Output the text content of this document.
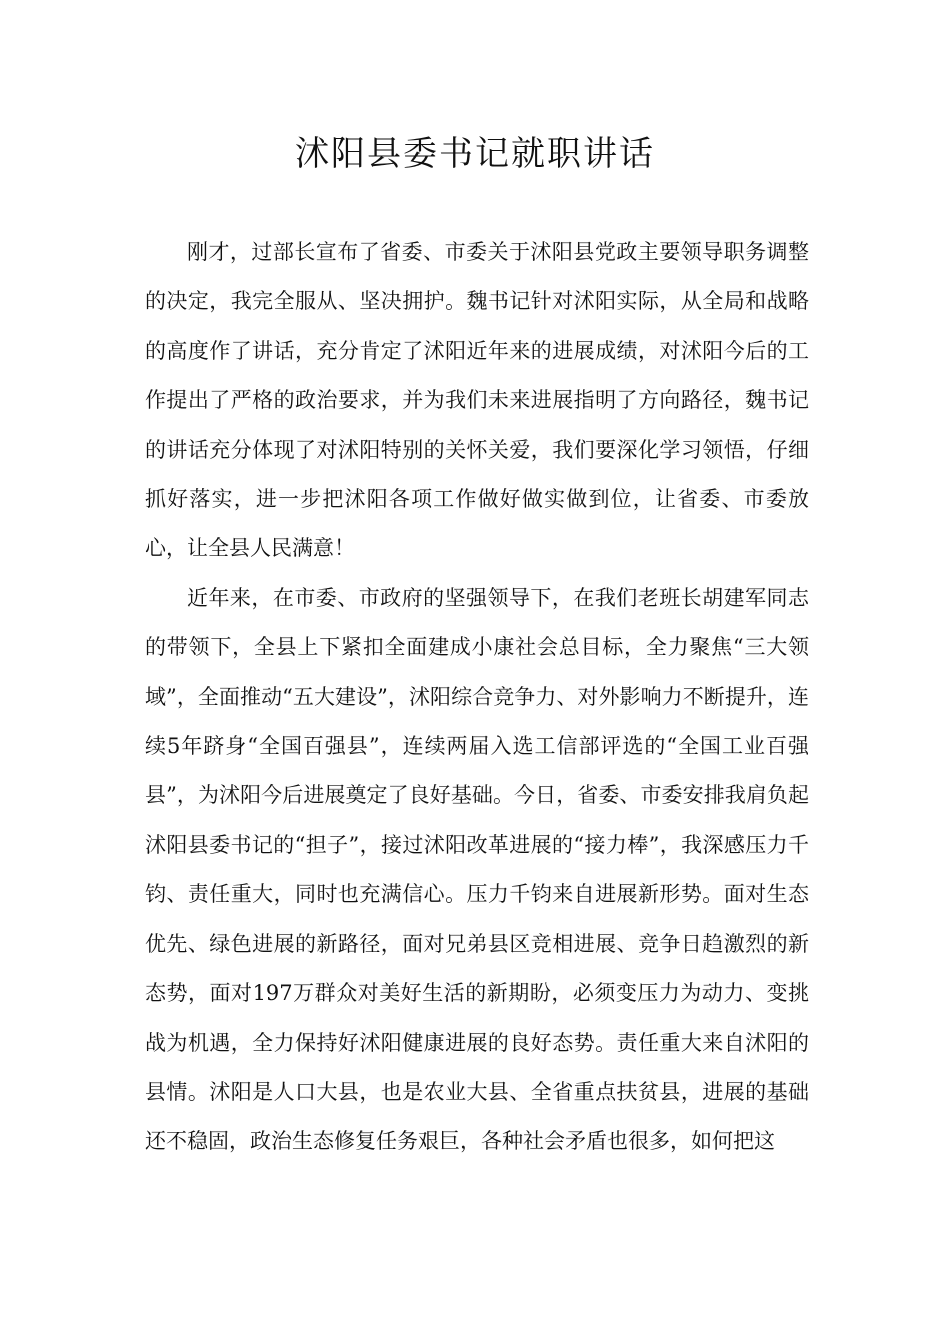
沭阳县委书记就职讲话

刚才，过部长宣布了省委、市委关于沭阳县党政主要领导职务调整的决定，我完全服从、坚决拥护。魏书记针对沭阳实际，从全局和战略的高度作了讲话，充分肯定了沭阳近年来的进展成绩，对沭阳今后的工作提出了严格的政治要求，并为我们未来进展指明了方向路径，魏书记的讲话充分体现了对沭阳特别的关怀关爱，我们要深化学习领悟，仔细抓好落实，进一步把沭阳各项工作做好做实做到位，让省委、市委放心，让全县人民满意！

近年来，在市委、市政府的坚强领导下，在我们老班长胡建军同志的带领下，全县上下紧扣全面建成小康社会总目标，全力聚焦“三大领域”，全面推动“五大建设”，沭阳综合竞争力、对外影响力不断提升，连续5年跻身“全国百强县”，连续两届入选工信部评选的“全国工业百强县”，为沭阳今后进展奠定了良好基础。今日，省委、市委安排我肩负起沭阳县委书记的“担子”，接过沭阳改革进展的“接力棒”，我深感压力千钧、责任重大，同时也充满信心。压力千钧来自进展新形势。面对生态优先、绿色进展的新路径，面对兄弟县区竞相进展、竞争日趋激烈的新态势，面对197万群众对美好生活的新期盼，必须变压力为动力、变挑战为机遇，全力保持好沭阳健康进展的良好态势。责任重大来自沭阳的县情。沭阳是人口大县，也是农业大县、全省重点扶贫县，进展的基础还不稳固，政治生态修复任务艰巨，各种社会矛盾也很多，如何把这
